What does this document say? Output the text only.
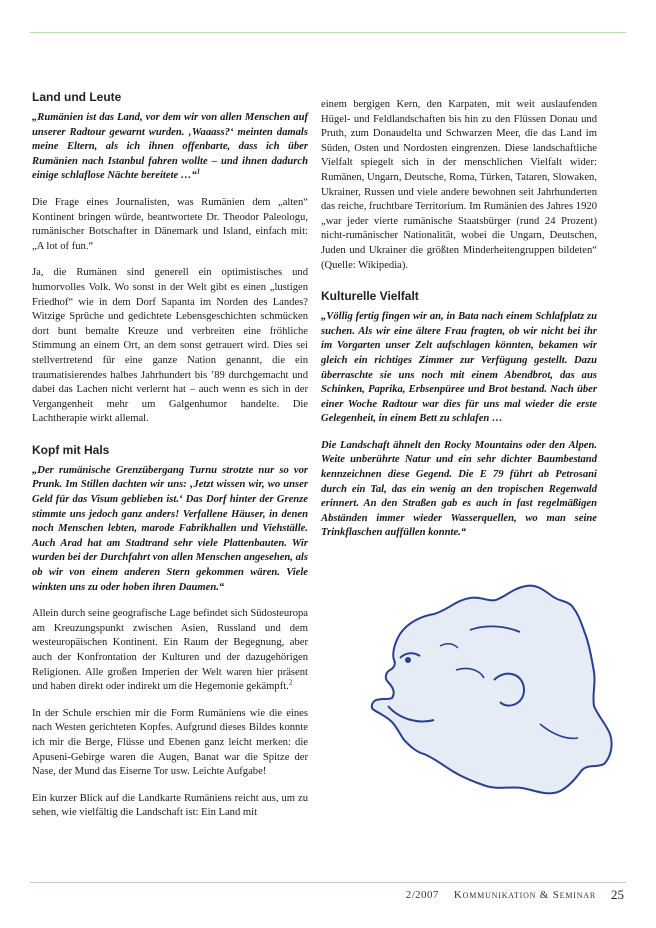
Land und Leute

„Rumänien ist das Land, vor dem wir von allen Menschen auf unserer Radtour gewarnt wurden. ‚Waaass?‘ meinten damals meine Eltern, als ich ihnen offenbarte, dass ich über Rumänien nach Istanbul fahren wollte – und ihnen dadurch einige schlaflose Nächte bereitete …“$^1$

Die Frage eines Journalisten, was Rumänien dem „alten“ Kontinent bringen würde, beantwortete Dr. Theodor Paleologu, rumänischer Botschafter in Dänemark und Island, einfach mit: „A lot of fun.“

Ja, die Rumänen sind generell ein optimistisches und humorvolles Volk. Wo sonst in der Welt gibt es einen „lustigen Friedhof“ wie in dem Dorf Sapanta im Norden des Landes? Witzige Sprüche und gedichtete Lebensgeschichten schmücken dort bunt bemalte Kreuze und verbreiten eine fröhliche Stimmung an einem Ort, an dem sonst getrauert wird. Dies sei stellvertretend für eine ganze Nation genannt, die ein traumatisierendes halbes Jahrhundert bis ’89 durchgemacht und dabei das Lachen nicht verlernt hat – auch wenn es sich in der Vergangenheit mehr um Galgenhumor handelte. Die Lachtherapie wirkt allemal.

Kopf mit Hals

„Der rumänische Grenzübergang Turnu strotzte nur so vor Prunk. Im Stillen dachten wir uns: ‚Jetzt wissen wir, wo unser Geld für das Visum geblieben ist.‘ Das Dorf hinter der Grenze stimmte uns jedoch ganz anders! Verfallene Häuser, in denen noch Menschen lebten, marode Fabrikhallen und Viehställe. Auch Arad hat am Stadtrand sehr viele Plattenbauten. Wir wurden bei der Durchfahrt von allen Menschen angesehen, als ob wir von einem anderen Stern gekommen wären. Viele winkten uns zu oder hoben ihren Daumen.“

Allein durch seine geografische Lage befindet sich Südosteuropa am Kreuzungspunkt zwischen Asien, Russland und dem westeuropäischen Kontinent. Ein Raum der Begegnung, aber auch der Konfrontation der Kulturen und der dazugehörigen Religionen. Alle großen Imperien der Welt waren hier präsent und haben direkt oder indirekt um die Hegemonie gekämpft.$^2$

In der Schule erschien mir die Form Rumäniens wie die eines nach Westen gerichteten Kopfes. Aufgrund dieses Bildes konnte ich mir die Berge, Flüsse und Ebenen ganz leicht merken: die Apuseni-Gebirge waren die Augen, Banat war die Spitze der Nase, der Mund das Eiserne Tor usw. Leichte Aufgabe!

Ein kurzer Blick auf die Landkarte Rumäniens reicht aus, um zu sehen, wie vielfältig die Landschaft ist: Ein Land mit

einem bergigen Kern, den Karpaten, mit weit auslaufenden Hügel- und Feldlandschaften bis hin zu den Flüssen Donau und Pruth, zum Donaudelta und Schwarzen Meer, die das Land im Süden, Osten und Nordosten eingrenzen. Diese landschaftliche Vielfalt spiegelt sich in der menschlichen Vielfalt wider: Rumänen, Ungarn, Deutsche, Roma, Türken, Tataren, Slowaken, Ukrainer, Russen und viele andere bewohnen seit Jahrhunderten das reiche, fruchtbare Territorium. Im Rumänien des Jahres 1920 „war jeder vierte rumänische Staatsbürger (rund 24 Prozent) nicht-rumänischer Nationalität, wobei die Ungarn, Deutschen, Juden und Ukrainer die größten Minderheitengruppen bildeten“ (Quelle: Wikipedia).

Kulturelle Vielfalt

„Völlig fertig fingen wir an, in Bata nach einem Schlafplatz zu suchen. Als wir eine ältere Frau fragten, ob wir nicht bei ihr im Vorgarten unser Zelt aufschlagen könnten, bekamen wir gleich ein richtiges Zimmer zur Verfügung gestellt. Dazu überraschte sie uns noch mit einem Abendbrot, das aus Schinken, Paprika, Erbsenpüree und Brot bestand. Nach über einer Woche Radtour war dies für uns mal wieder die erste Gelegenheit, in einem Bett zu schlafen …

Die Landschaft ähnelt den Rocky Mountains oder den Alpen. Weite unberührte Natur und ein sehr dichter Baumbestand kennzeichnen diese Gegend. Die E 79 führt ab Petrosani durch ein Tal, das ein wenig an den tropischen Regenwald erinnert. An den Straßen gab es auch in fast regelmäßigen Abständen immer wieder Wasserquellen, wo man seine Trinkflaschen auffüllen konnte.“

2/2007 Kommunikation & Seminar 25
